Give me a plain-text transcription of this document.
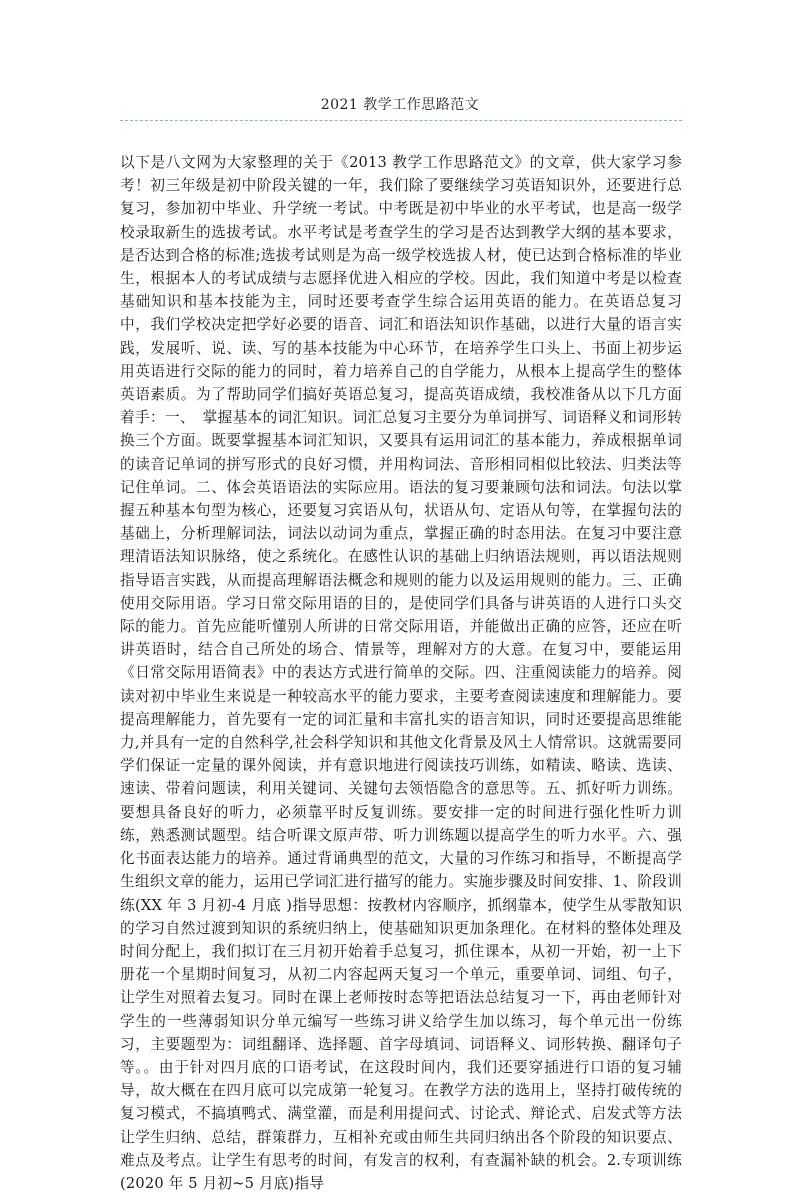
2021 教学工作思路范文

以下是八文网为大家整理的关于《2013 教学工作思路范文》的文章，供大家学习参考！初三年级是初中阶段关键的一年，我们除了要继续学习英语知识外，还要进行总复习，参加初中毕业、升学统一考试。中考既是初中毕业的水平考试，也是高一级学校录取新生的选拔考试。水平考试是考查学生的学习是否达到教学大纲的基本要求，是否达到合格的标准;选拔考试则是为高一级学校选拔人材，使已达到合格标准的毕业生，根据本人的考试成绩与志愿择优进入相应的学校。因此，我们知道中考是以检查基础知识和基本技能为主，同时还要考查学生综合运用英语的能力。在英语总复习中，我们学校决定把学好必要的语音、词汇和语法知识作基础，以进行大量的语言实践，发展听、说、读、写的基本技能为中心环节，在培养学生口头上、书面上初步运用英语进行交际的能力的同时，着力培养自己的自学能力，从根本上提高学生的整体英语素质。为了帮助同学们搞好英语总复习，提高英语成绩，我校准备从以下几方面着手：一、　掌握基本的词汇知识。词汇总复习主要分为单词拼写、词语释义和词形转换三个方面。既要掌握基本词汇知识，又要具有运用词汇的基本能力，养成根据单词的读音记单词的拼写形式的良好习惯，并用构词法、音形相同相似比较法、归类法等记住单词。二、体会英语语法的实际应用。语法的复习要兼顾句法和词法。句法以掌握五种基本句型为核心，还要复习宾语从句，状语从句、定语从句等，在掌握句法的基础上，分析理解词法，词法以动词为重点，掌握正确的时态用法。在复习中要注意理清语法知识脉络，使之系统化。在感性认识的基础上归纳语法规则，再以语法规则指导语言实践，从而提高理解语法概念和规则的能力以及运用规则的能力。三、正确使用交际用语。学习日常交际用语的目的，是使同学们具备与讲英语的人进行口头交际的能力。首先应能听懂别人所讲的日常交际用语，并能做出正确的应答，还应在听讲英语时，结合自己所处的场合、情景等，理解对方的大意。在复习中，要能运用《日常交际用语简表》中的表达方式进行简单的交际。四、注重阅读能力的培养。阅读对初中毕业生来说是一种较高水平的能力要求，主要考查阅读速度和理解能力。要提高理解能力，首先要有一定的词汇量和丰富扎实的语言知识，同时还要提高思维能力,并具有一定的自然科学,社会科学知识和其他文化背景及风土人情常识。这就需要同学们保证一定量的课外阅读，并有意识地进行阅读技巧训练，如精读、略读、选读、速读、带着问题读，利用关键词、关键句去领悟隐含的意思等。五、抓好听力训练。要想具备良好的听力，必须靠平时反复训练。要安排一定的时间进行强化性听力训练，熟悉测试题型。结合听课文原声带、听力训练题以提高学生的听力水平。六、强化书面表达能力的培养。通过背诵典型的范文，大量的习作练习和指导，不断提高学生组织文章的能力，运用已学词汇进行描写的能力。实施步骤及时间安排、1、阶段训练(XX 年 3 月初-4 月底 )指导思想：按教材内容顺序，抓纲靠本，使学生从零散知识的学习自然过渡到知识的系统归纳上，使基础知识更加条理化。在材料的整体处理及时间分配上，我们拟订在三月初开始着手总复习，抓住课本，从初一开始，初一上下册花一个星期时间复习，从初二内容起两天复习一个单元，重要单词、词组、句子，让学生对照着去复习。同时在课上老师按时态等把语法总结复习一下，再由老师针对学生的一些薄弱知识分单元编写一些练习讲义给学生加以练习，每个单元出一份练习，主要题型为：词组翻译、选择题、首字母填词、词语释义、词形转换、翻译句子等。。由于针对四月底的口语考试，在这段时间内，我们还要穿插进行口语的复习辅导，故大概在在四月底可以完成第一轮复习。在教学方法的选用上，坚持打破传统的复习模式，不搞填鸭式、满堂灌，而是利用提问式、讨论式、辩论式、启发式等方法让学生归纳、总结，群策群力，互相补充或由师生共同归纳出各个阶段的知识要点、难点及考点。让学生有思考的时间，有发言的权利，有查漏补缺的机会。2.专项训练(2020 年 5 月初~5 月底)指导
